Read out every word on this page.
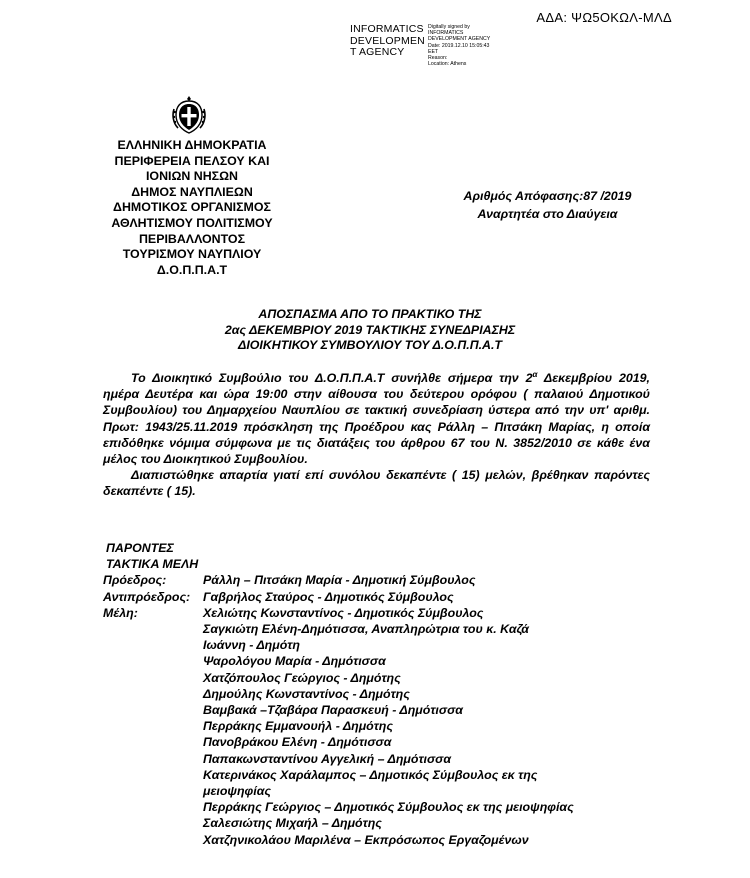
ΑΔΑ: ΨΩ5ΟΚΩΛ-ΜΛΔ
INFORMATICS
DEVELOPMEN
T AGENCY
Digitally signed by
INFORMATICS
DEVELOPMENT AGENCY
Date: 2019.12.10 15:05:43
EET
Reason:
Location: Athens
ΕΛΛΗΝΙΚΗ ΔΗΜΟΚΡΑΤΙΑ
ΠΕΡΙΦΕΡΕΙΑ ΠΕΛΣΟΥ ΚΑΙ
ΙΟΝΙΩΝ ΝΗΣΩΝ
ΔΗΜΟΣ ΝΑΥΠΛΙΕΩΝ
ΔΗΜΟΤΙΚΟΣ ΟΡΓΑΝΙΣΜΟΣ
ΑΘΛΗΤΙΣΜΟΥ ΠΟΛΙΤΙΣΜΟΥ
ΠΕΡΙΒΑΛΛΟΝΤΟΣ
ΤΟΥΡΙΣΜΟΥ ΝΑΥΠΛΙΟΥ
Δ.Ο.Π.Π.Α.Τ
Αριθμός Απόφασης:87 /2019
Αναρτητέα στο Διαύγεια
ΑΠΟΣΠΑΣΜΑ ΑΠΟ ΤΟ ΠΡΑΚΤΙΚΟ ΤΗΣ
2ας ΔΕΚΕΜΒΡΙΟΥ 2019 ΤΑΚΤΙΚΗΣ ΣΥΝΕΔΡΙΑΣΗΣ
ΔΙΟΙΚΗΤΙΚΟΥ ΣΥΜΒΟΥΛΙΟΥ ΤΟΥ Δ.Ο.Π.Π.Α.Τ

Το Διοικητικό Συμβούλιο του Δ.Ο.Π.Π.Α.Τ συνήλθε σήμερα την $2^\alpha$ Δεκεμβρίου 2019, ημέρα Δευτέρα και ώρα 19:00 στην αίθουσα του δεύτερου ορόφου ( παλαιού Δημοτικού Συμβουλίου) του Δημαρχείου Ναυπλίου σε τακτική συνεδρίαση ύστερα από την υπ' αριθμ. Πρωτ: 1943/25.11.2019 πρόσκληση της Προέδρου κας Ράλλη – Πιτσάκη Μαρίας, η οποία επιδόθηκε νόμιμα σύμφωνα με τις διατάξεις του άρθρου 67 του Ν. 3852/2010 σε κάθε ένα μέλος του Διοικητικού Συμβουλίου.

Διαπιστώθηκε απαρτία γιατί επί συνόλου δεκαπέντε ( 15) μελών, βρέθηκαν παρόντες δεκαπέντε ( 15).

ΠΑΡΟΝΤΕΣ
ΤΑΚΤΙΚΑ ΜΕΛΗ
Πρόεδρος:	Ράλλη – Πιτσάκη Μαρία - Δημοτική Σύμβουλος
Αντιπρόεδρος:	Γαβρήλος Σταύρος - Δημοτικός Σύμβουλος
Μέλη:	Χελιώτης Κωνσταντίνος - Δημοτικός Σύμβουλος
Σαγκιώτη Ελένη-Δημότισσα, Αναπληρώτρια του κ. Καζά
Ιωάννη - Δημότη
Ψαρολόγου Μαρία - Δημότισσα
Χατζόπουλος Γεώργιος - Δημότης
Δημούλης Κωνσταντίνος - Δημότης
Βαμβακά –Τζαβάρα Παρασκευή - Δημότισσα
Περράκης Εμμανουήλ - Δημότης
Πανοβράκου Ελένη - Δημότισσα
Παπακωνσταντίνου Αγγελική – Δημότισσα
Κατερινάκος Χαράλαμπος – Δημοτικός Σύμβουλος εκ της
μειοψηφίας
Περράκης Γεώργιος – Δημοτικός Σύμβουλος εκ της μειοψηφίας
Σαλεσιώτης Μιχαήλ – Δημότης
Χατζηνικολάου Μαριλένα – Εκπρόσωπος Εργαζομένων
